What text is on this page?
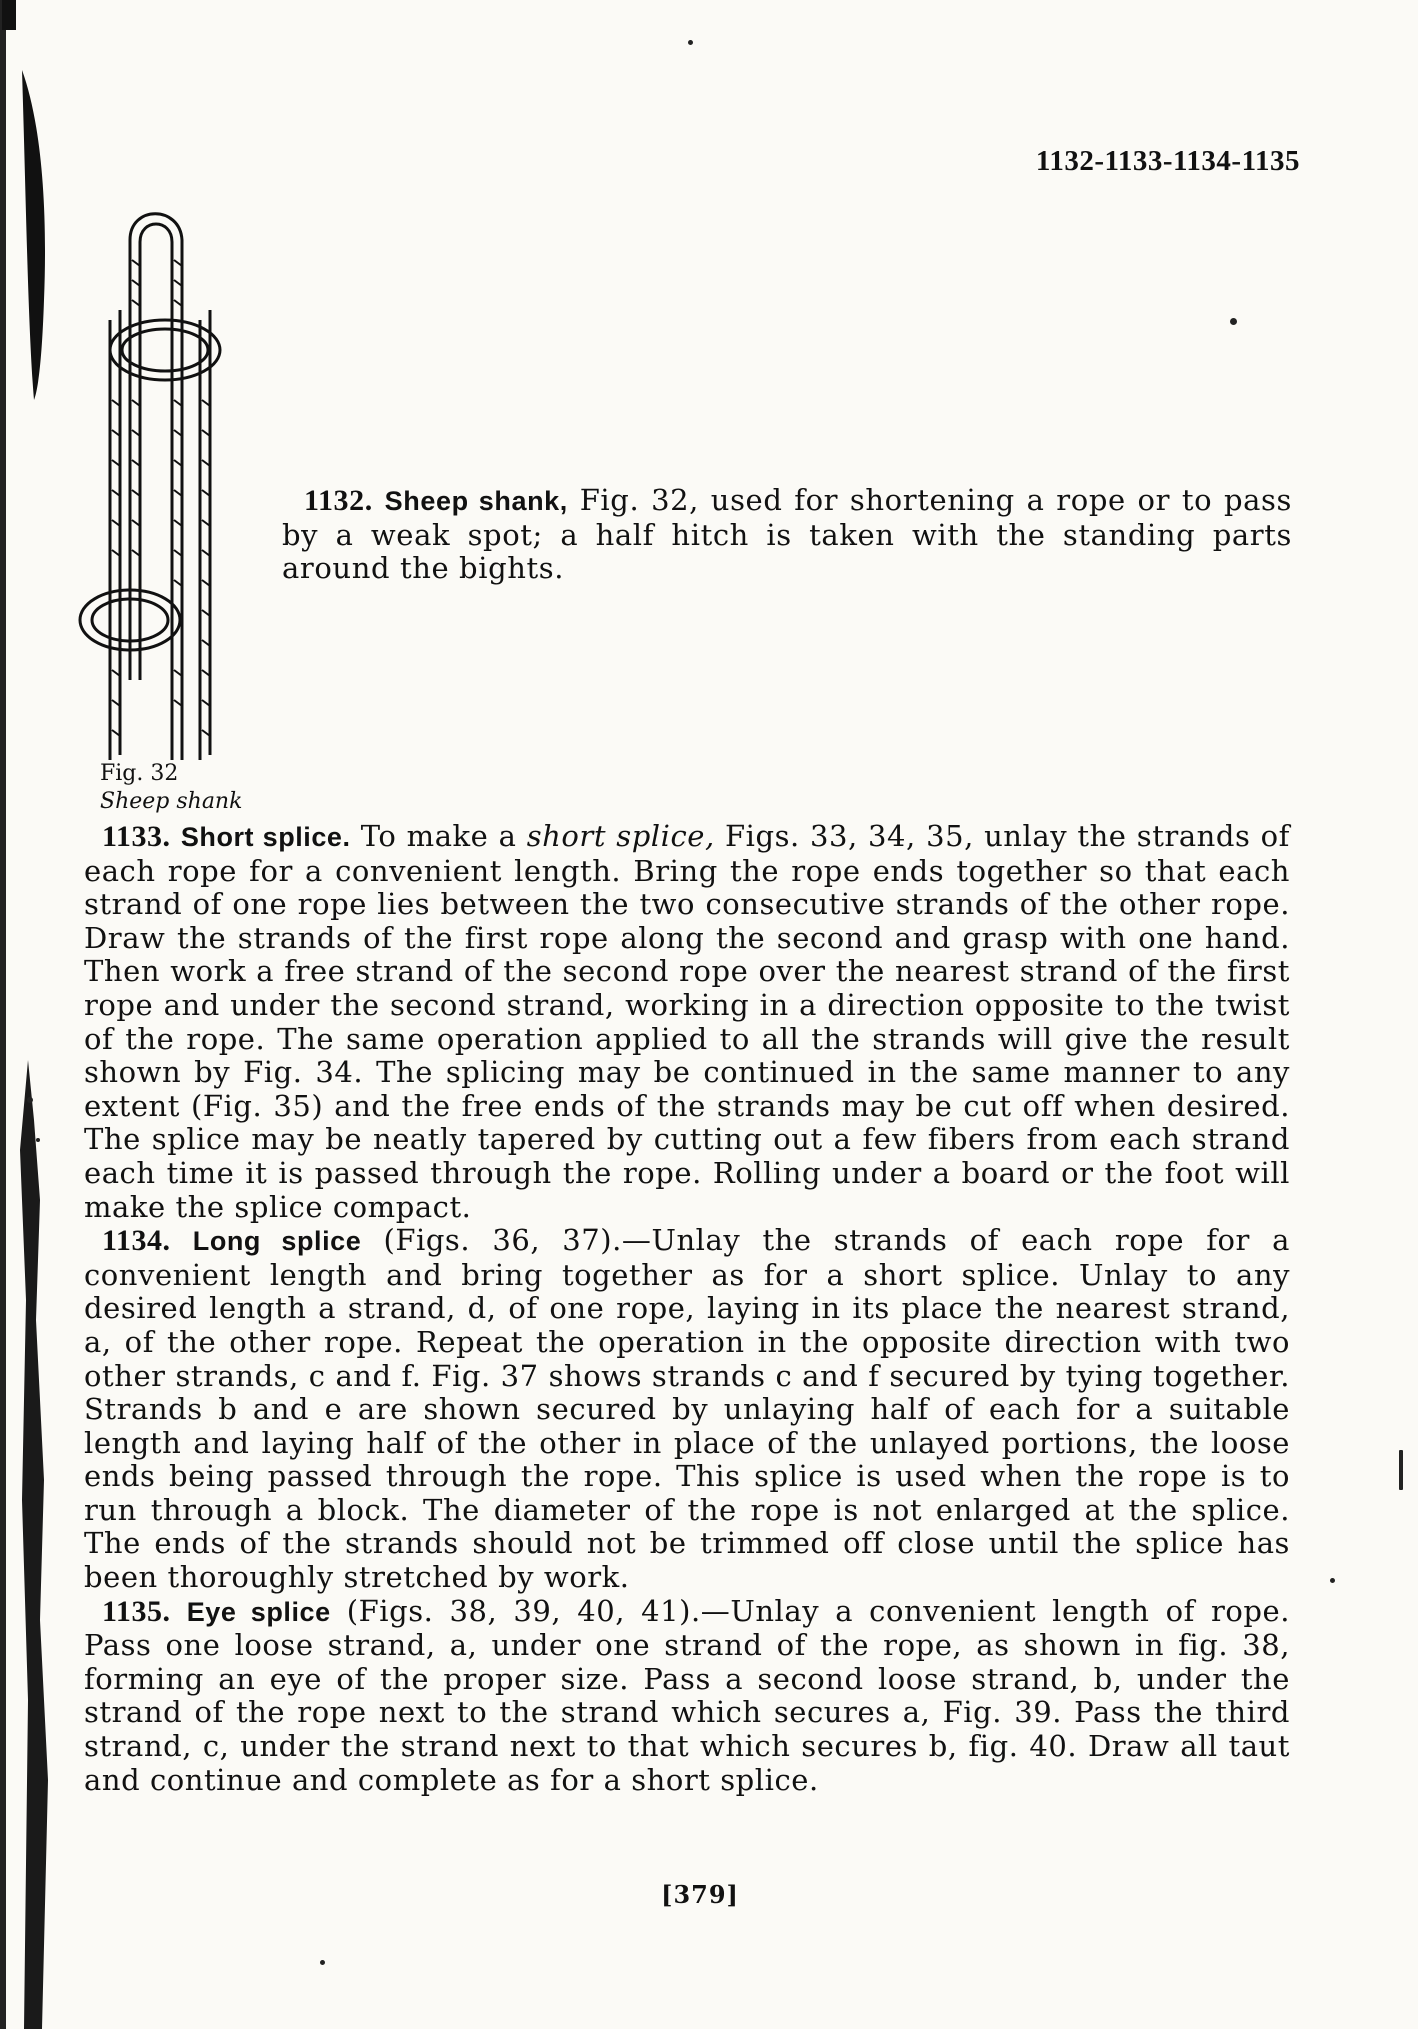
1132-1133-1134-1135
Fig. 32
Sheep shank

1132. Sheep shank, Fig. 32, used for shortening a rope or to pass by a weak spot; a half hitch is taken with the standing parts around the bights.

1133. Short splice. To make a short splice, Figs. 33, 34, 35, unlay the strands of each rope for a convenient length. Bring the rope ends together so that each strand of one rope lies between the two consecutive strands of the other rope. Draw the strands of the first rope along the second and grasp with one hand. Then work a free strand of the second rope over the nearest strand of the first rope and under the second strand, working in a direction opposite to the twist of the rope. The same operation applied to all the strands will give the result shown by Fig. 34. The splicing may be continued in the same manner to any extent (Fig. 35) and the free ends of the strands may be cut off when desired. The splice may be neatly tapered by cutting out a few fibers from each strand each time it is passed through the rope. Rolling under a board or the foot will make the splice compact.

1134. Long splice (Figs. 36, 37).—Unlay the strands of each rope for a convenient length and bring together as for a short splice. Unlay to any desired length a strand, d, of one rope, laying in its place the nearest strand, a, of the other rope. Repeat the operation in the opposite direction with two other strands, c and f. Fig. 37 shows strands c and f secured by tying together. Strands b and e are shown secured by unlaying half of each for a suitable length and laying half of the other in place of the unlayed portions, the loose ends being passed through the rope. This splice is used when the rope is to run through a block. The diameter of the rope is not enlarged at the splice. The ends of the strands should not be trimmed off close until the splice has been thoroughly stretched by work.

1135. Eye splice (Figs. 38, 39, 40, 41).—Unlay a convenient length of rope. Pass one loose strand, a, under one strand of the rope, as shown in fig. 38, forming an eye of the proper size. Pass a second loose strand, b, under the strand of the rope next to the strand which secures a, Fig. 39. Pass the third strand, c, under the strand next to that which secures b, fig. 40. Draw all taut and continue and complete as for a short splice.

[379]
